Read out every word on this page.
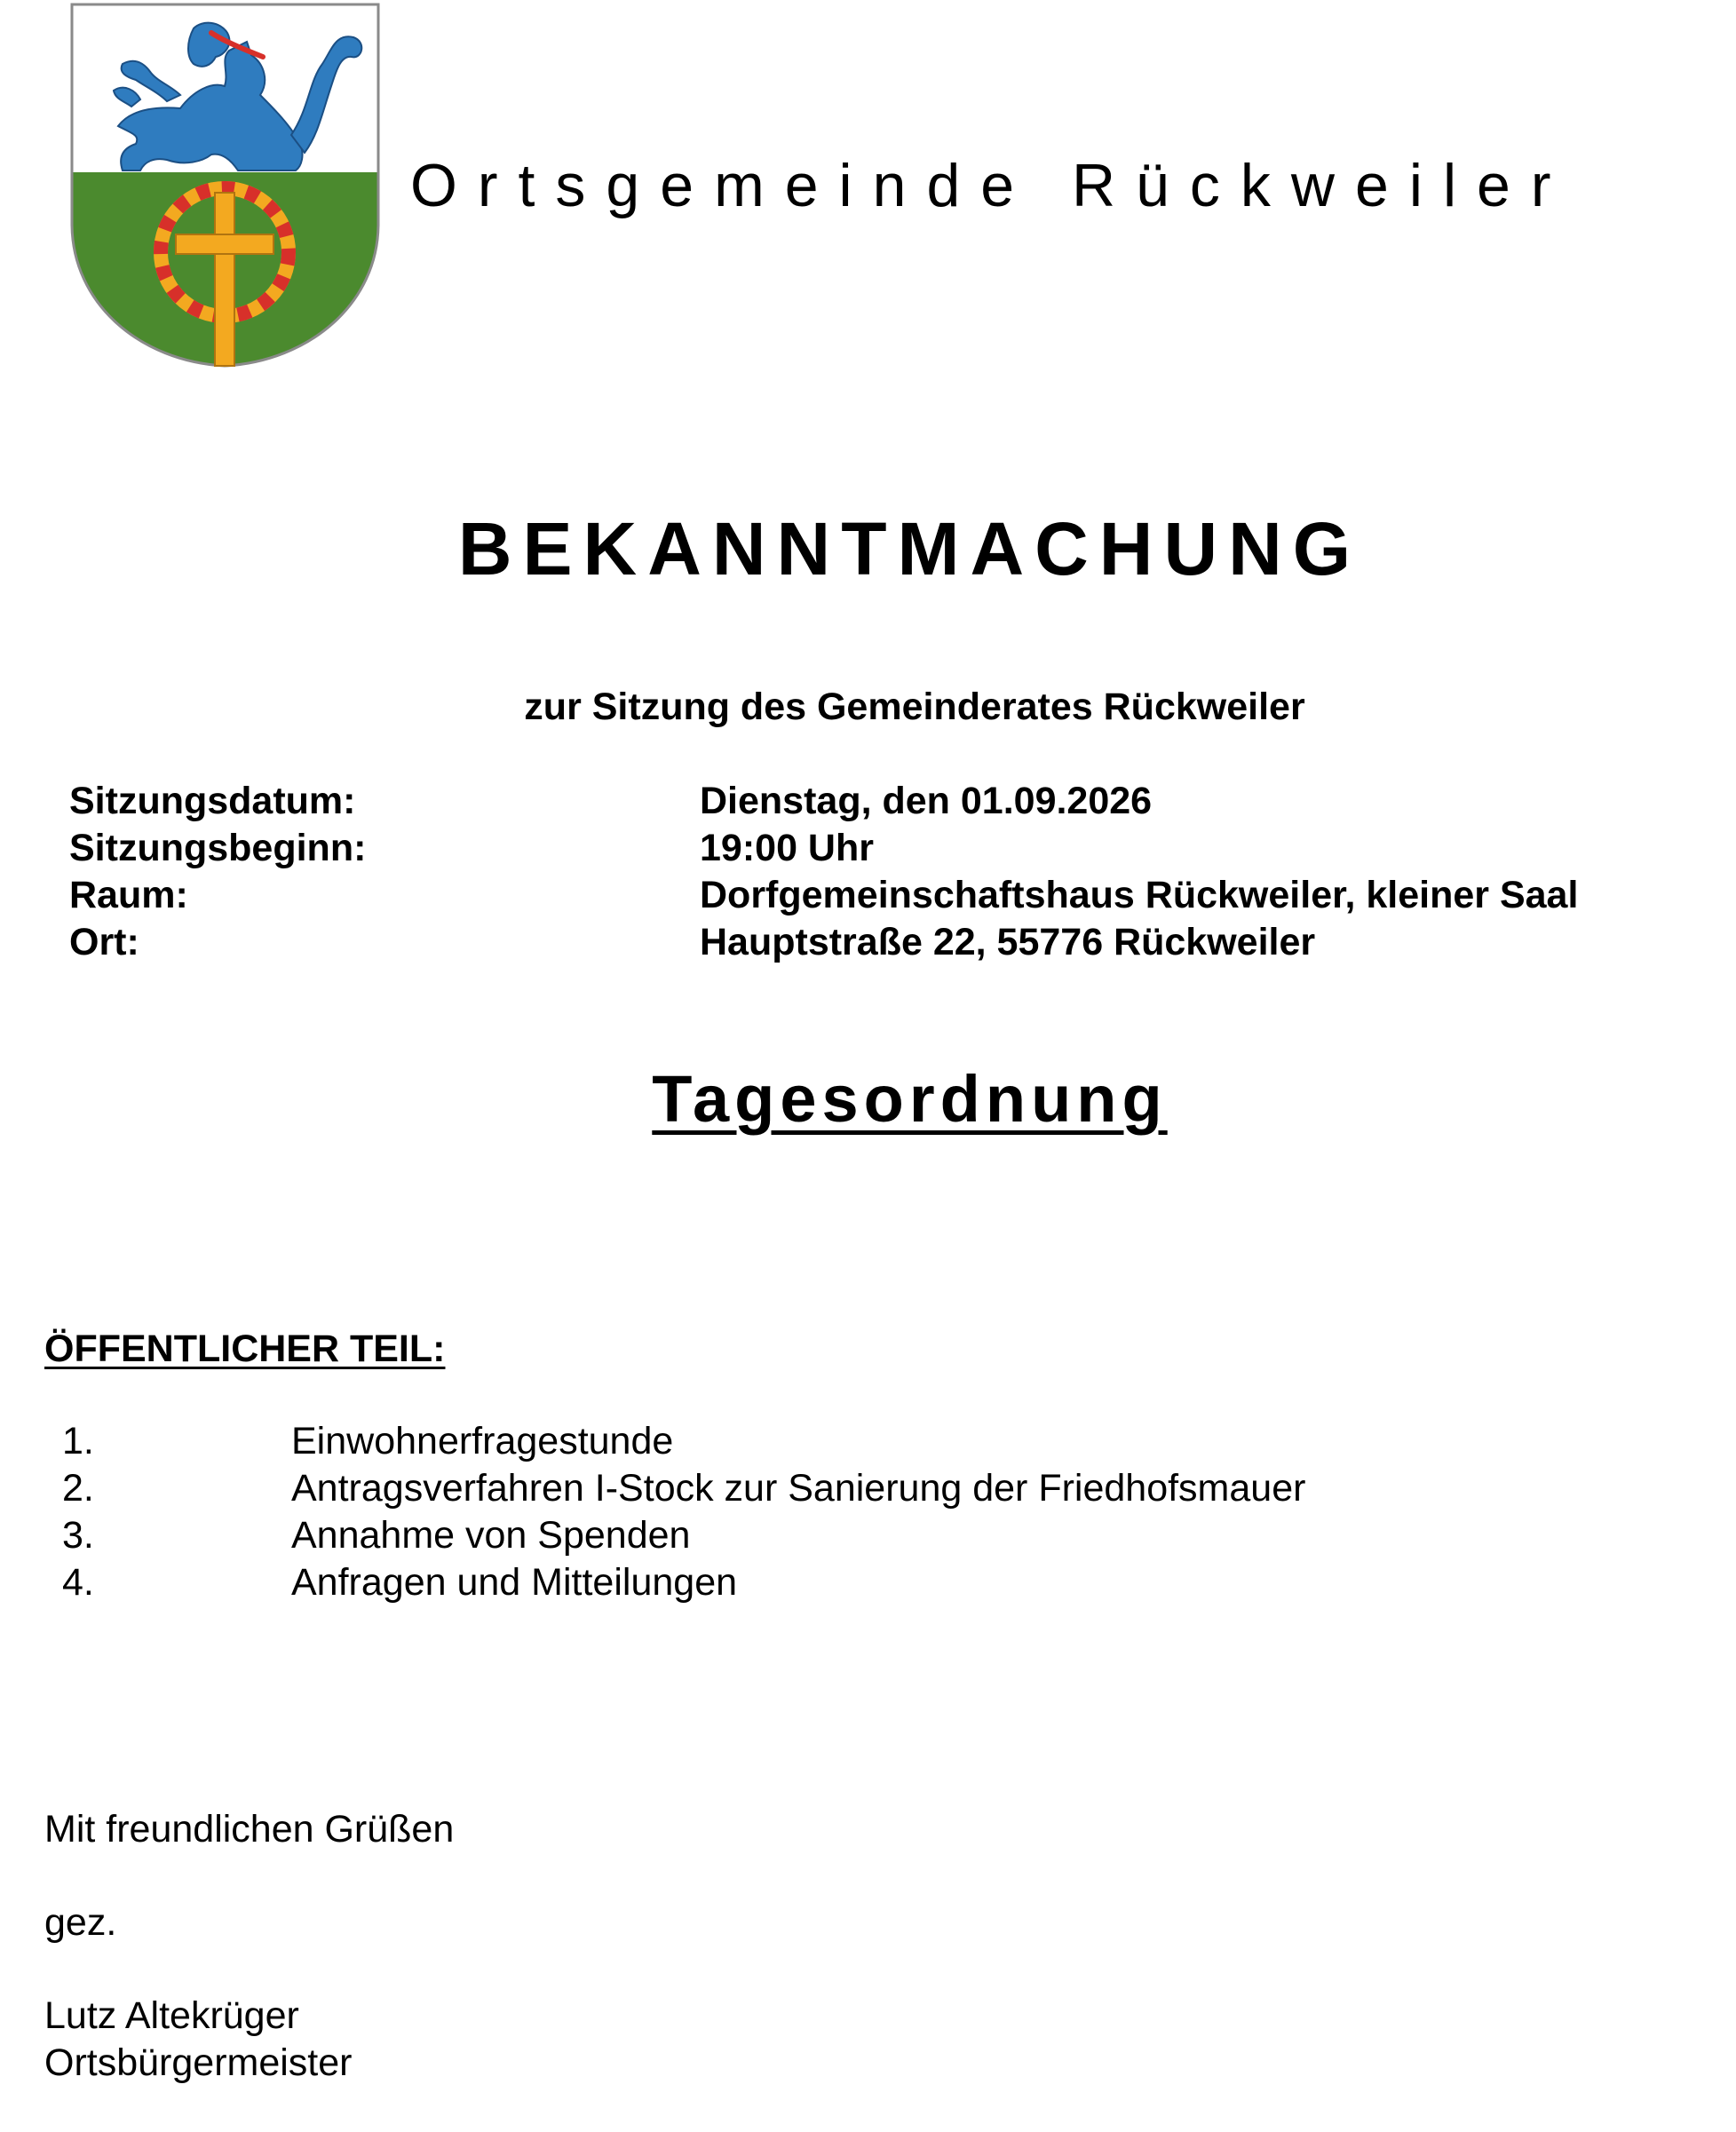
Ortsgemeinde Rückweiler
BEKANNTMACHUNG
zur Sitzung des Gemeinderates Rückweiler
Sitzungsdatum:	Dienstag, den 01.09.2026
Sitzungsbeginn:	19:00 Uhr
Raum:	Dorfgemeinschaftshaus Rückweiler, kleiner Saal
Ort:	Hauptstraße 22, 55776 Rückweiler
Tagesordnung
ÖFFENTLICHER TEIL:
1.	Einwohnerfragestunde
2.	Antragsverfahren I-Stock zur Sanierung der Friedhofsmauer
3.	Annahme von Spenden
4.	Anfragen und Mitteilungen
Mit freundlichen Grüßen
gez.
Lutz Altekrüger
Ortsbürgermeister
